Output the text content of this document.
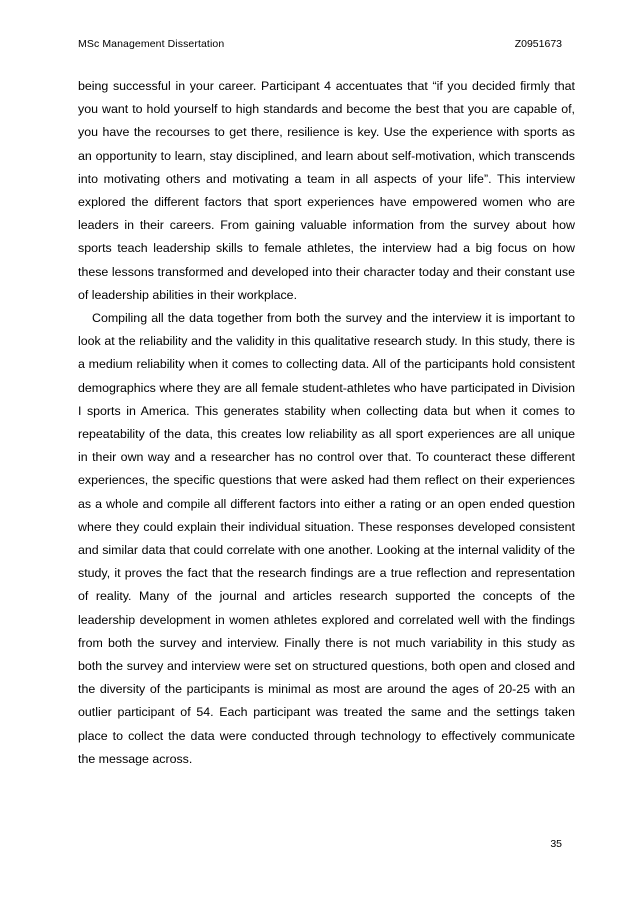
MSc Management Dissertation	Z0951673

being successful in your career. Participant 4 accentuates that “if you decided firmly that you want to hold yourself to high standards and become the best that you are capable of, you have the recourses to get there, resilience is key. Use the experience with sports as an opportunity to learn, stay disciplined, and learn about self-motivation, which transcends into motivating others and motivating a team in all aspects of your life”. This interview explored the different factors that sport experiences have empowered women who are leaders in their careers. From gaining valuable information from the survey about how sports teach leadership skills to female athletes, the interview had a big focus on how these lessons transformed and developed into their character today and their constant use of leadership abilities in their workplace.

Compiling all the data together from both the survey and the interview it is important to look at the reliability and the validity in this qualitative research study. In this study, there is a medium reliability when it comes to collecting data. All of the participants hold consistent demographics where they are all female student-athletes who have participated in Division I sports in America. This generates stability when collecting data but when it comes to repeatability of the data, this creates low reliability as all sport experiences are all unique in their own way and a researcher has no control over that. To counteract these different experiences, the specific questions that were asked had them reflect on their experiences as a whole and compile all different factors into either a rating or an open ended question where they could explain their individual situation. These responses developed consistent and similar data that could correlate with one another. Looking at the internal validity of the study, it proves the fact that the research findings are a true reflection and representation of reality. Many of the journal and articles research supported the concepts of the leadership development in women athletes explored and correlated well with the findings from both the survey and interview. Finally there is not much variability in this study as both the survey and interview were set on structured questions, both open and closed and the diversity of the participants is minimal as most are around the ages of 20-25 with an outlier participant of 54. Each participant was treated the same and the settings taken place to collect the data were conducted through technology to effectively communicate the message across.

35
